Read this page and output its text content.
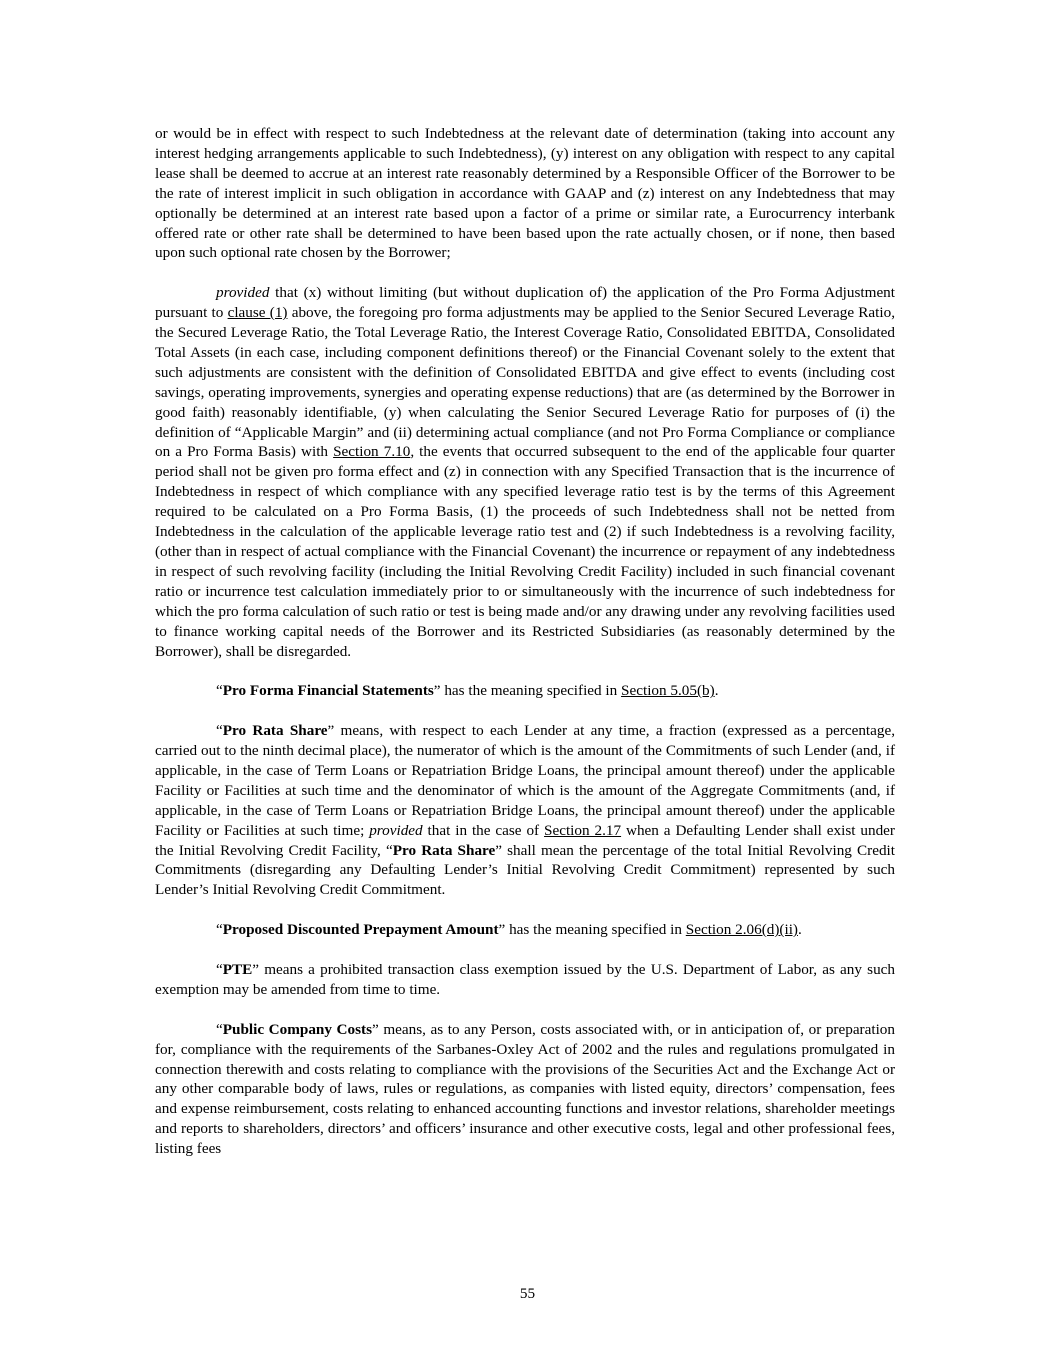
or would be in effect with respect to such Indebtedness at the relevant date of determination (taking into account any interest hedging arrangements applicable to such Indebtedness), (y) interest on any obligation with respect to any capital lease shall be deemed to accrue at an interest rate reasonably determined by a Responsible Officer of the Borrower to be the rate of interest implicit in such obligation in accordance with GAAP and (z) interest on any Indebtedness that may optionally be determined at an interest rate based upon a factor of a prime or similar rate, a Eurocurrency interbank offered rate or other rate shall be determined to have been based upon the rate actually chosen, or if none, then based upon such optional rate chosen by the Borrower;

provided that (x) without limiting (but without duplication of) the application of the Pro Forma Adjustment pursuant to clause (1) above, the foregoing pro forma adjustments may be applied to the Senior Secured Leverage Ratio, the Secured Leverage Ratio, the Total Leverage Ratio, the Interest Coverage Ratio, Consolidated EBITDA, Consolidated Total Assets (in each case, including component definitions thereof) or the Financial Covenant solely to the extent that such adjustments are consistent with the definition of Consolidated EBITDA and give effect to events (including cost savings, operating improvements, synergies and operating expense reductions) that are (as determined by the Borrower in good faith) reasonably identifiable, (y) when calculating the Senior Secured Leverage Ratio for purposes of (i) the definition of “Applicable Margin” and (ii) determining actual compliance (and not Pro Forma Compliance or compliance on a Pro Forma Basis) with Section 7.10, the events that occurred subsequent to the end of the applicable four quarter period shall not be given pro forma effect and (z) in connection with any Specified Transaction that is the incurrence of Indebtedness in respect of which compliance with any specified leverage ratio test is by the terms of this Agreement required to be calculated on a Pro Forma Basis, (1) the proceeds of such Indebtedness shall not be netted from Indebtedness in the calculation of the applicable leverage ratio test and (2) if such Indebtedness is a revolving facility, (other than in respect of actual compliance with the Financial Covenant) the incurrence or repayment of any indebtedness in respect of such revolving facility (including the Initial Revolving Credit Facility) included in such financial covenant ratio or incurrence test calculation immediately prior to or simultaneously with the incurrence of such indebtedness for which the pro forma calculation of such ratio or test is being made and/or any drawing under any revolving facilities used to finance working capital needs of the Borrower and its Restricted Subsidiaries (as reasonably determined by the Borrower), shall be disregarded.

“Pro Forma Financial Statements” has the meaning specified in Section 5.05(b).

“Pro Rata Share” means, with respect to each Lender at any time, a fraction (expressed as a percentage, carried out to the ninth decimal place), the numerator of which is the amount of the Commitments of such Lender (and, if applicable, in the case of Term Loans or Repatriation Bridge Loans, the principal amount thereof) under the applicable Facility or Facilities at such time and the denominator of which is the amount of the Aggregate Commitments (and, if applicable, in the case of Term Loans or Repatriation Bridge Loans, the principal amount thereof) under the applicable Facility or Facilities at such time; provided that in the case of Section 2.17 when a Defaulting Lender shall exist under the Initial Revolving Credit Facility, “Pro Rata Share” shall mean the percentage of the total Initial Revolving Credit Commitments (disregarding any Defaulting Lender’s Initial Revolving Credit Commitment) represented by such Lender’s Initial Revolving Credit Commitment.

“Proposed Discounted Prepayment Amount” has the meaning specified in Section 2.06(d)(ii).

“PTE” means a prohibited transaction class exemption issued by the U.S. Department of Labor, as any such exemption may be amended from time to time.

“Public Company Costs” means, as to any Person, costs associated with, or in anticipation of, or preparation for, compliance with the requirements of the Sarbanes-Oxley Act of 2002 and the rules and regulations promulgated in connection therewith and costs relating to compliance with the provisions of the Securities Act and the Exchange Act or any other comparable body of laws, rules or regulations, as companies with listed equity, directors’ compensation, fees and expense reimbursement, costs relating to enhanced accounting functions and investor relations, shareholder meetings and reports to shareholders, directors’ and officers’ insurance and other executive costs, legal and other professional fees, listing fees

55
